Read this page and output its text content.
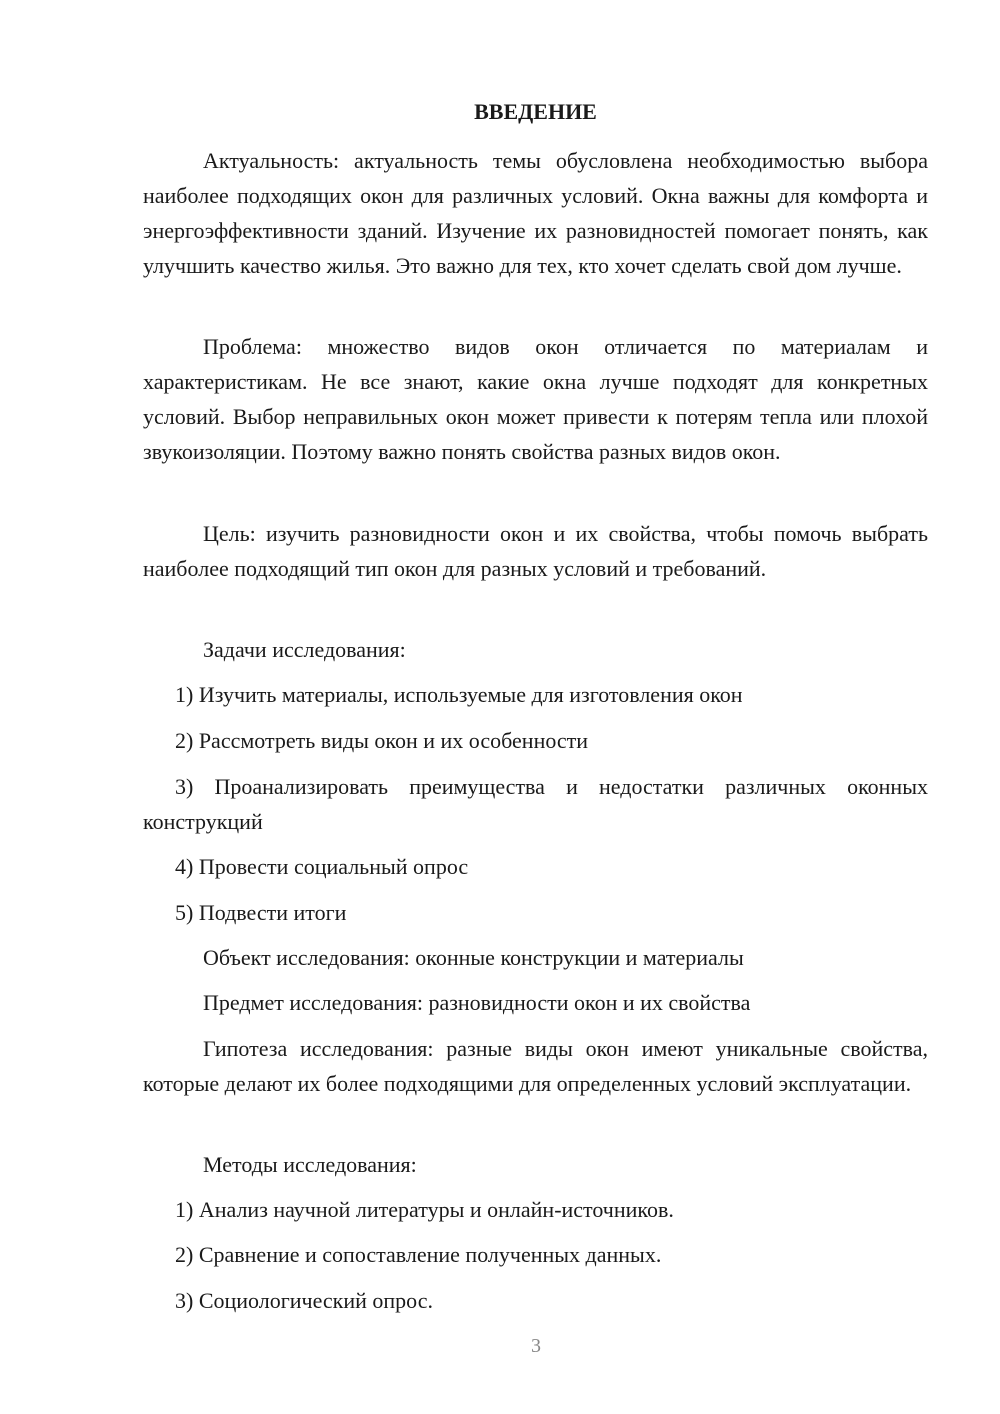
ВВЕДЕНИЕ

Актуальность: актуальность темы обусловлена необходимостью выбора наиболее подходящих окон для различных условий. Окна важны для комфорта и энергоэффективности зданий. Изучение их разновидностей помогает понять, как улучшить качество жилья. Это важно для тех, кто хочет сделать свой дом лучше.

Проблема: множество видов окон отличается по материалам и характеристикам. Не все знают, какие окна лучше подходят для конкретных условий. Выбор неправильных окон может привести к потерям тепла или плохой звукоизоляции. Поэтому важно понять свойства разных видов окон.

Цель: изучить разновидности окон и их свойства, чтобы помочь выбрать наиболее подходящий тип окон для разных условий и требований.

Задачи исследования:

1) Изучить материалы, используемые для изготовления окон

2) Рассмотреть виды окон и их особенности

3) Проанализировать преимущества и недостатки различных оконных конструкций

4) Провести социальный опрос

5) Подвести итоги

Объект исследования: оконные конструкции и материалы

Предмет исследования: разновидности окон и их свойства

Гипотеза исследования: разные виды окон имеют уникальные свойства, которые делают их более подходящими для определенных условий эксплуатации.

Методы исследования:

1) Анализ научной литературы и онлайн-источников.

2) Сравнение и сопоставление полученных данных.

3) Социологический опрос.

3
